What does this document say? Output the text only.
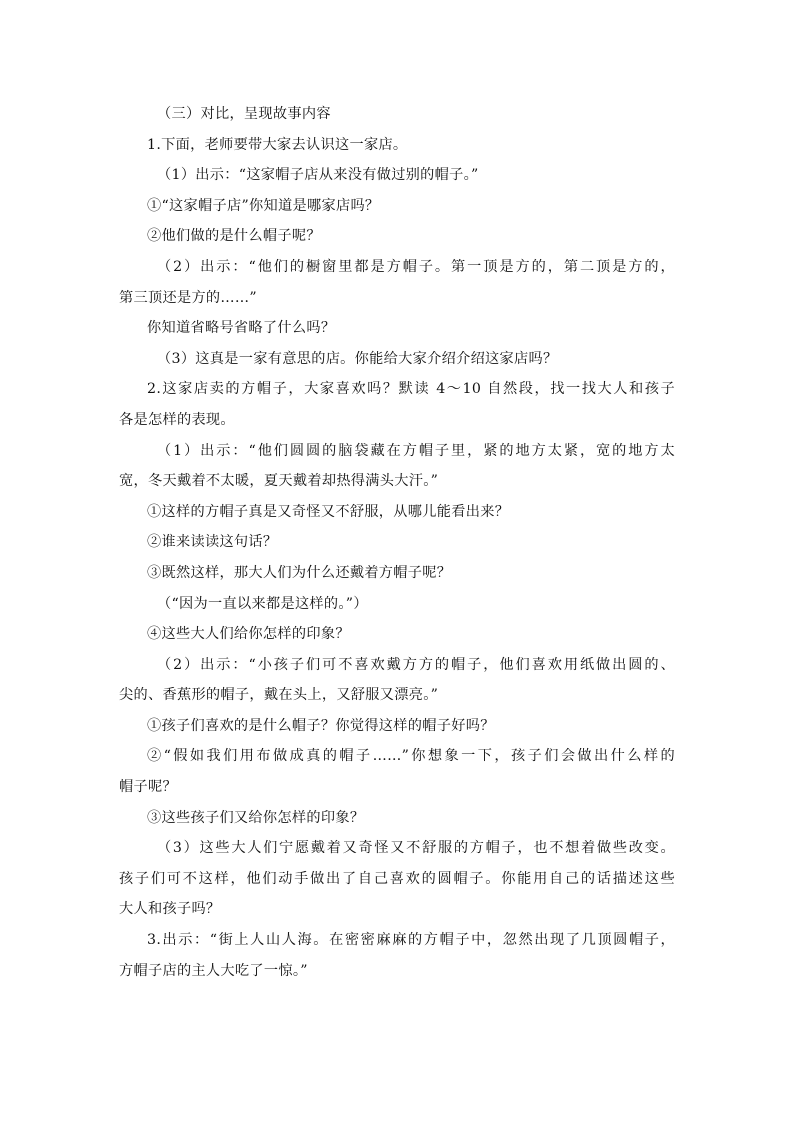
（三）对比，呈现故事内容
1.下面，老师要带大家去认识这一家店。
（1）出示：“这家帽子店从来没有做过别的帽子。”
①“这家帽子店”你知道是哪家店吗？
②他们做的是什么帽子呢？
（2）出示：“他们的橱窗里都是方帽子。第一顶是方的，第二顶是方的，
第三顶还是方的……”
你知道省略号省略了什么吗？
（3）这真是一家有意思的店。你能给大家介绍介绍这家店吗？
2.这家店卖的方帽子，大家喜欢吗？默读 4～10 自然段，找一找大人和孩子
各是怎样的表现。
（1）出示：“他们圆圆的脑袋藏在方帽子里，紧的地方太紧，宽的地方太
宽，冬天戴着不太暖，夏天戴着却热得满头大汗。”
①这样的方帽子真是又奇怪又不舒服，从哪儿能看出来？
②谁来读读这句话？
③既然这样，那大人们为什么还戴着方帽子呢？
（“因为一直以来都是这样的。”）
④这些大人们给你怎样的印象？
（2）出示：“小孩子们可不喜欢戴方方的帽子，他们喜欢用纸做出圆的、
尖的、香蕉形的帽子，戴在头上，又舒服又漂亮。”
①孩子们喜欢的是什么帽子？你觉得这样的帽子好吗？
②“假如我们用布做成真的帽子……”你想象一下，孩子们会做出什么样的
帽子呢？
③这些孩子们又给你怎样的印象？
（3）这些大人们宁愿戴着又奇怪又不舒服的方帽子，也不想着做些改变。
孩子们可不这样，他们动手做出了自己喜欢的圆帽子。你能用自己的话描述这些
大人和孩子吗？
3.出示：“街上人山人海。在密密麻麻的方帽子中，忽然出现了几顶圆帽子，
方帽子店的主人大吃了一惊。”
